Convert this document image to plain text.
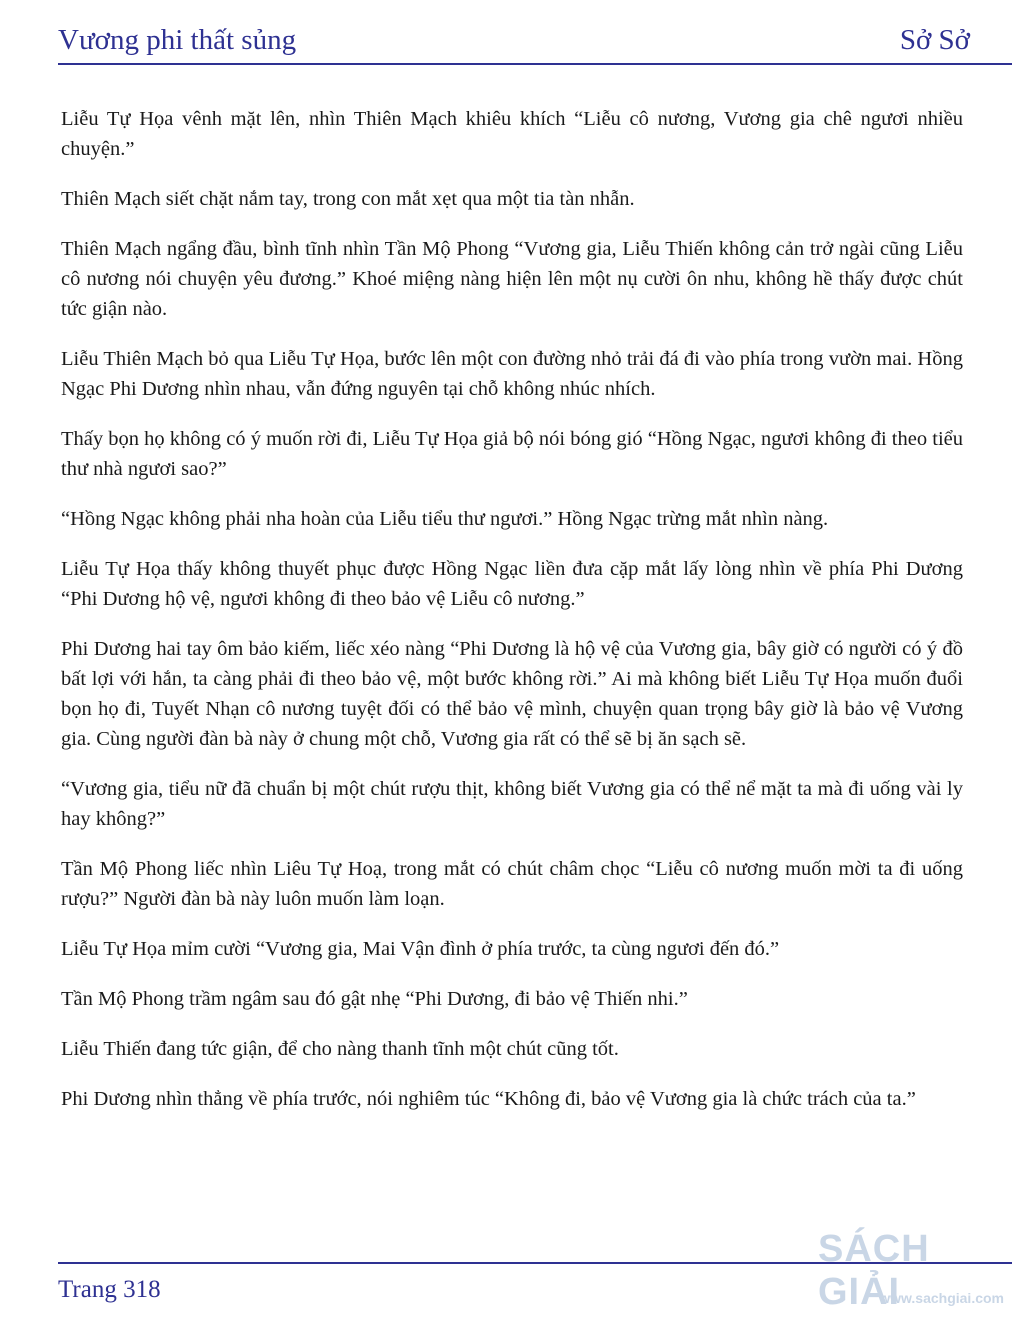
Vương phi thất sủng	Sở Sở

Liễu Tự Họa vênh mặt lên, nhìn Thiên Mạch khiêu khích “Liễu cô nương, Vương gia chê ngươi nhiều chuyện.”

Thiên Mạch siết chặt nắm tay, trong con mắt xẹt qua một tia tàn nhẫn.

Thiên Mạch ngẩng đầu, bình tĩnh nhìn Tần Mộ Phong “Vương gia, Liễu Thiến không cản trở ngài cũng Liễu cô nương nói chuyện yêu đương.” Khoé miệng nàng hiện lên một nụ cười ôn nhu, không hề thấy được chút tức giận nào.

Liễu Thiên Mạch bỏ qua Liễu Tự Họa, bước lên một con đường nhỏ trải đá đi vào phía trong vườn mai. Hồng Ngạc Phi Dương nhìn nhau, vẫn đứng nguyên tại chỗ không nhúc nhích.

Thấy bọn họ không có ý muốn rời đi, Liễu Tự Họa giả bộ nói bóng gió “Hồng Ngạc, ngươi không đi theo tiểu thư nhà ngươi sao?”

“Hồng Ngạc không phải nha hoàn của Liễu tiểu thư ngươi.” Hồng Ngạc trừng mắt nhìn nàng.

Liễu Tự Họa thấy không thuyết phục được Hồng Ngạc liền đưa cặp mắt lấy lòng nhìn về phía Phi Dương “Phi Dương hộ vệ, ngươi không đi theo bảo vệ Liễu cô nương.”

Phi Dương hai tay ôm bảo kiếm, liếc xéo nàng “Phi Dương là hộ vệ của Vương gia, bây giờ có người có ý đồ bất lợi với hắn, ta càng phải đi theo bảo vệ, một bước không rời.” Ai mà không biết Liễu Tự Họa muốn đuổi bọn họ đi, Tuyết Nhạn cô nương tuyệt đối có thể bảo vệ mình, chuyện quan trọng bây giờ là bảo vệ Vương gia. Cùng người đàn bà này ở chung một chỗ, Vương gia rất có thể sẽ bị ăn sạch sẽ.

“Vương gia, tiểu nữ đã chuẩn bị một chút rượu thịt, không biết Vương gia có thể nể mặt ta mà đi uống vài ly hay không?”

Tần Mộ Phong liếc nhìn Liêu Tự Hoạ, trong mắt có chút châm chọc “Liễu cô nương muốn mời ta đi uống rượu?” Người đàn bà này luôn muốn làm loạn.

Liễu Tự Họa mỉm cười “Vương gia, Mai Vận đình ở phía trước, ta cùng ngươi đến đó.”

Tần Mộ Phong trầm ngâm sau đó gật nhẹ “Phi Dương, đi bảo vệ Thiến nhi.”

Liễu Thiến đang tức giận, để cho nàng thanh tĩnh một chút cũng tốt.

Phi Dương nhìn thẳng về phía trước, nói nghiêm túc “Không đi, bảo vệ Vương gia là chức trách của ta.”

Trang 318
SÁCH GIẢI
www.sachgiai.com
